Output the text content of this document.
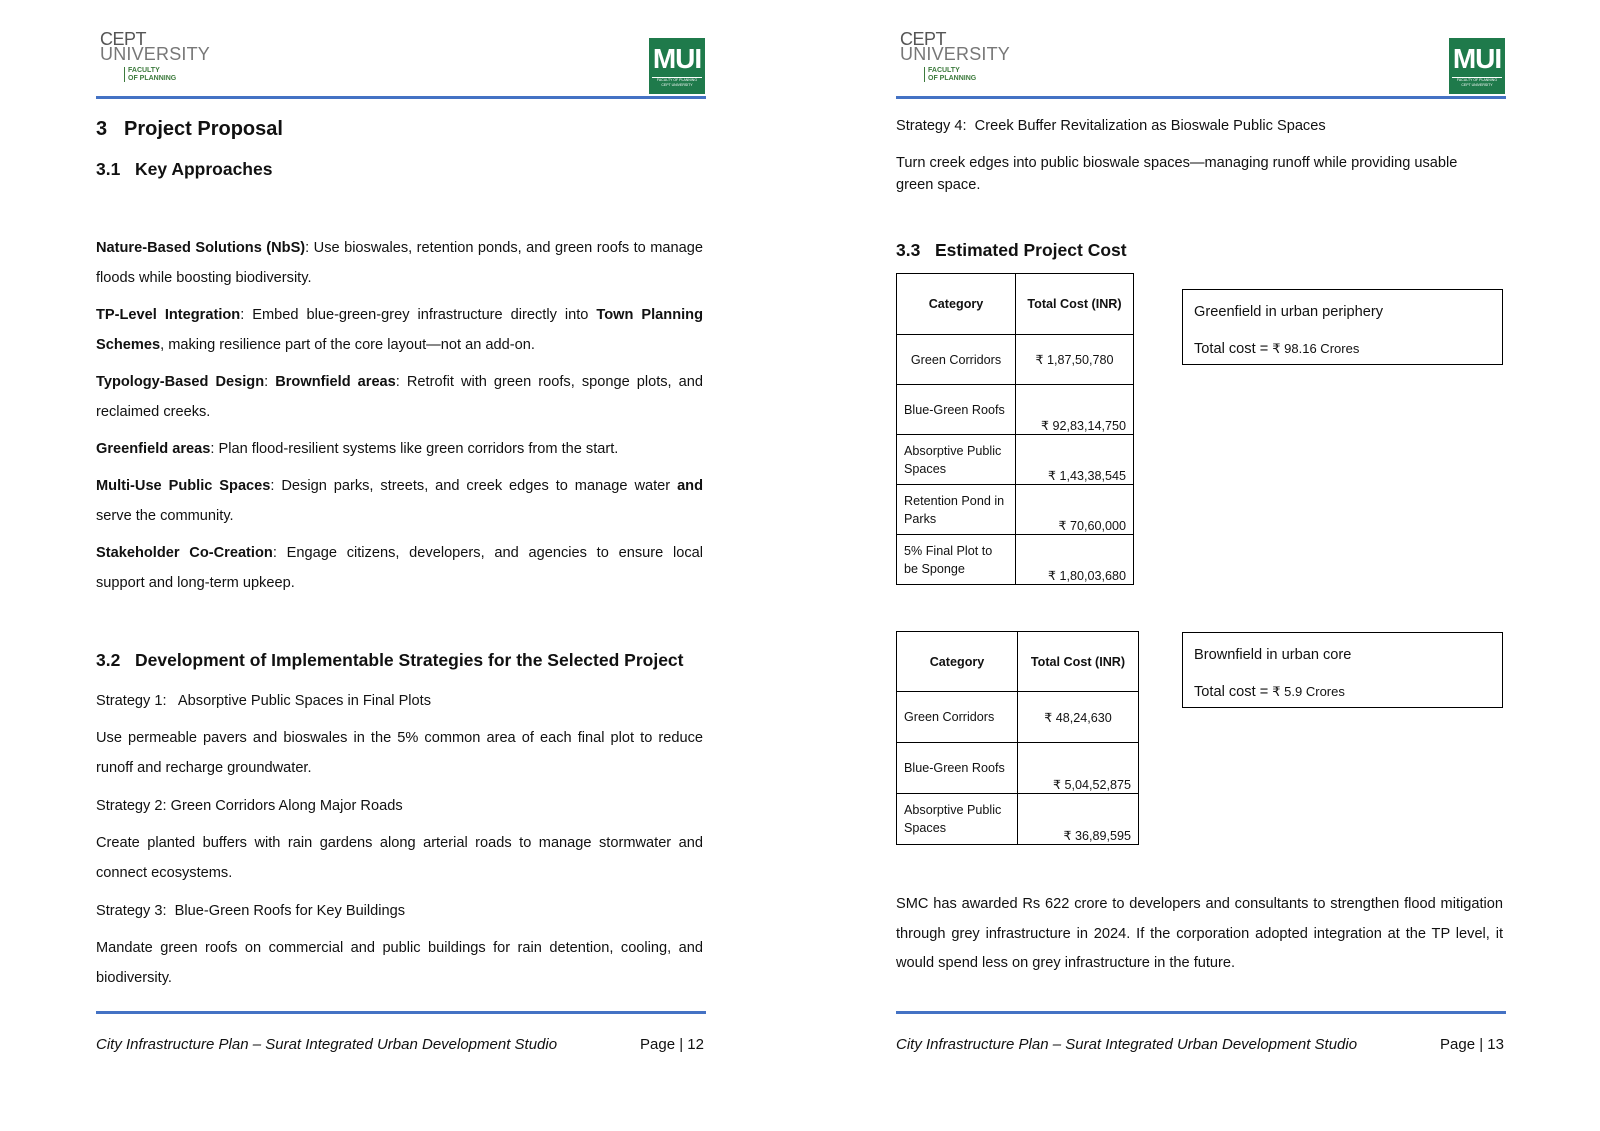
CEPT
UNIVERSITY
FACULTY
OF PLANNING
MUI
FACULTY OF PLANNING
CEPT UNIVERSITY
3 Project Proposal
3.1 Key Approaches

Nature-Based Solutions (NbS): Use bioswales, retention ponds, and green roofs to manage floods while boosting biodiversity.

TP-Level Integration: Embed blue-green-grey infrastructure directly into Town Planning Schemes, making resilience part of the core layout—not an add-on.

Typology-Based Design: Brownfield areas: Retrofit with green roofs, sponge plots, and reclaimed creeks.

Greenfield areas: Plan flood-resilient systems like green corridors from the start.

Multi-Use Public Spaces: Design parks, streets, and creek edges to manage water and serve the community.

Stakeholder Co-Creation: Engage citizens, developers, and agencies to ensure local support and long-term upkeep.

3.2 Development of Implementable Strategies for the Selected Project
Strategy 1:   Absorptive Public Spaces in Final Plots

Use permeable pavers and bioswales in the 5% common area of each final plot to reduce runoff and recharge groundwater.

Strategy 2: Green Corridors Along Major Roads

Create planted buffers with rain gardens along arterial roads to manage stormwater and connect ecosystems.

Strategy 3:  Blue-Green Roofs for Key Buildings

Mandate green roofs on commercial and public buildings for rain detention, cooling, and biodiversity.

City Infrastructure Plan – Surat Integrated Urban Development Studio	Page | 12
CEPT
UNIVERSITY
FACULTY
OF PLANNING
MUI
FACULTY OF PLANNING
CEPT UNIVERSITY
Strategy 4:  Creek Buffer Revitalization as Bioswale Public Spaces
Turn creek edges into public bioswale spaces—managing runoff while providing usable green space.
3.3 Estimated Project Cost
Category	Total Cost (INR)
Green Corridors	₹ 1,87,50,780
Blue-Green Roofs	₹ 92,83,14,750
Absorptive Public Spaces	₹ 1,43,38,545
Retention Pond in Parks	₹ 70,60,000
5% Final Plot to be Sponge	₹ 1,80,03,680
Greenfield in urban periphery
Total cost = ₹ 98.16 Crores
Category	Total Cost (INR)
Green Corridors	₹ 48,24,630
Blue-Green Roofs	₹ 5,04,52,875
Absorptive Public Spaces	₹ 36,89,595
Brownfield in urban core
Total cost = ₹ 5.9 Crores

SMC has awarded Rs 622 crore to developers and consultants to strengthen flood mitigation through grey infrastructure in 2024. If the corporation adopted integration at the TP level, it would spend less on grey infrastructure in the future.

City Infrastructure Plan – Surat Integrated Urban Development Studio	Page | 13
